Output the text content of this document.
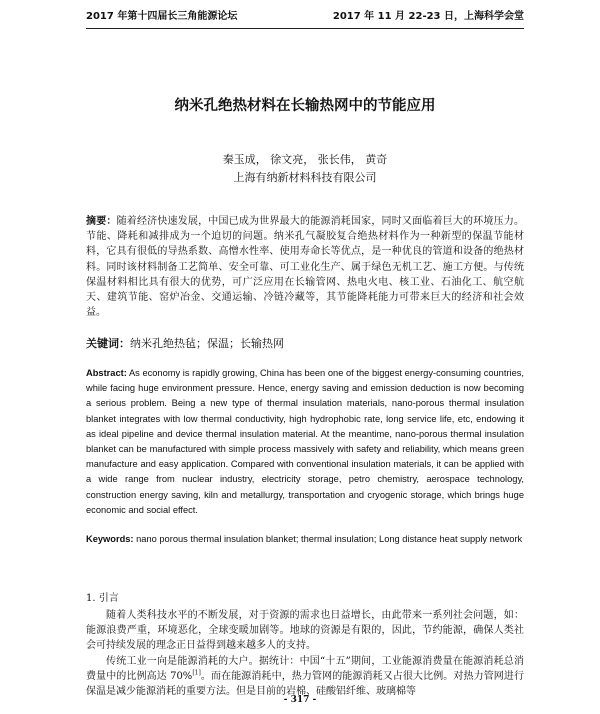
2017 年第十四届长三角能源论坛	2017 年 11 月 22-23 日，上海科学会堂
纳米孔绝热材料在长输热网中的节能应用
秦玉成， 徐文亮， 张长伟， 黄奇
上海有纳新材料科技有限公司
摘要：随着经济快速发展，中国已成为世界最大的能源消耗国家，同时又面临着巨大的环境压力。节能、降耗和减排成为一个迫切的问题。纳米孔气凝胶复合绝热材料作为一种新型的保温节能材料，它具有很低的导热系数、高憎水性率、使用寿命长等优点，是一种优良的管道和设备的绝热材料。同时该材料制备工艺简单、安全可靠、可工业化生产、属于绿色无机工艺、施工方便。与传统保温材料相比具有很大的优势，可广泛应用在长输管网、热电火电、核工业、石油化工、航空航天、建筑节能、窑炉冶金、交通运输、冷链冷藏等，其节能降耗能力可带来巨大的经济和社会效益。
关键词：纳米孔绝热毡；保温；长输热网
Abstract: As economy is rapidly growing, China has been one of the biggest energy-consuming countries, while facing huge environment pressure. Hence, energy saving and emission deduction is now becoming a serious problem. Being a new type of thermal insulation materials, nano-porous thermal insulation blanket integrates with low thermal conductivity, high hydrophobic rate, long service life, etc, endowing it as ideal pipeline and device thermal insulation material. At the meantime, nano-porous thermal insulation blanket can be manufactured with simple process massively with safety and reliability, which means green manufacture and easy application. Compared with conventional insulation materials, it can be applied with a wide range from nuclear industry, electricity storage, petro chemistry, aerospace technology, construction energy saving, kiln and metallurgy, transportation and cryogenic storage, which brings huge economic and social effect.
Keywords: nano porous thermal insulation blanket; thermal insulation; Long distance heat supply network
1. 引言

随着人类科技水平的不断发展，对于资源的需求也日益增长，由此带来一系列社会问题，如：能源浪费严重，环境恶化，全球变暖加剧等。地球的资源是有限的，因此，节约能源，确保人类社会可持续发展的理念正日益得到越来越多人的支持。

传统工业一向是能源消耗的大户。据统计：中国“十五”期间，工业能源消费量在能源消耗总消费量中的比例高达 70%[1]。而在能源消耗中，热力管网的能源消耗又占很大比例。对热力管网进行保温是减少能源消耗的重要方法。但是目前的岩棉、硅酸铝纤维、玻璃棉等

- 317 -
